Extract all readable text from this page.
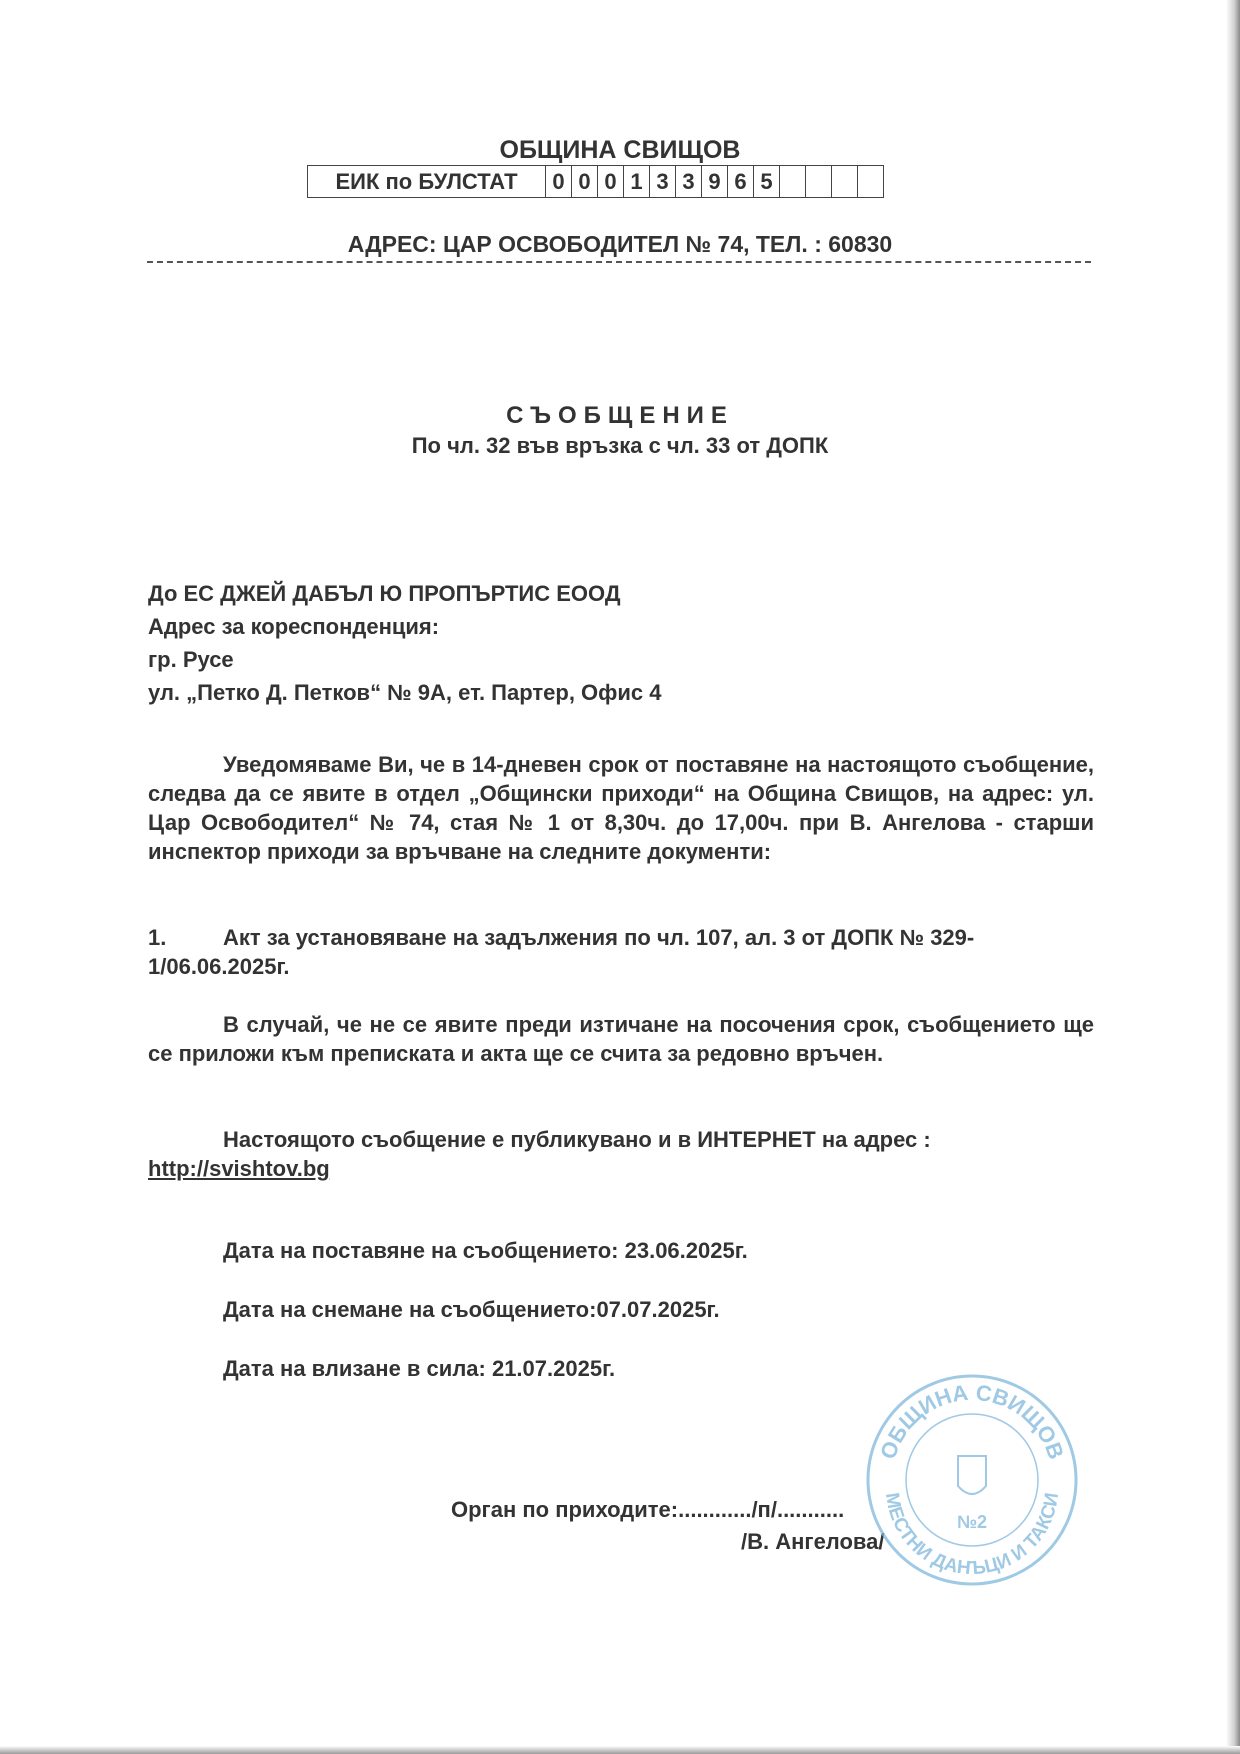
ОБЩИНА СВИЩОВ
ЕИК по БУЛСТАТ	0	0	0	1	3	3	9	6	5				
АДРЕС: ЦАР ОСВОБОДИТЕЛ № 74, ТЕЛ. : 60830
СЪОБЩЕНИЕ
По чл. 32 във връзка с чл. 33 от ДОПК
До ЕС ДЖЕЙ ДАБЪЛ Ю ПРОПЪРТИС ЕООД
Адрес за кореспонденция:
гр. Русе
ул. „Петко Д. Петков“ № 9А, ет. Партер, Офис 4
Уведомяваме Ви, че в 14-дневен срок от поставяне на настоящото съобщение, следва да се явите в отдел „Общински приходи“ на Община Свищов, на адрес: ул. Цар Освободител“ № 74, стая № 1 от 8,30ч. до 17,00ч. при В. Ангелова - старши инспектор приходи за връчване на следните документи:
1.	Акт за установяване на задължения по чл. 107, ал. 3 от ДОПК № 329-1/06.06.2025г.
В случай, че не се явите преди изтичане на посочения срок, съобщението ще се приложи към преписката и акта ще се счита за редовно връчен.
Настоящото съобщение е публикувано и в ИНТЕРНЕТ на адрес :
http://svishtov.bg
Дата на поставяне на съобщението: 23.06.2025г.
Дата на снемане на съобщението:07.07.2025г.
Дата на влизане в сила: 21.07.2025г.
Орган по приходите:............/п/...........
/В. Ангелова/
ОБЩИНА СВИЩОВ
МЕСТНИ ДАНЪЦИ И ТАКСИ
№2
